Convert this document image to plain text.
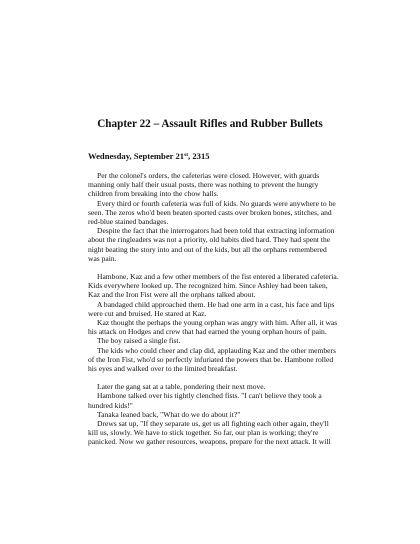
Chapter 22 – Assault Rifles and Rubber Bullets

Wednesday, September 21st, 2315

Per the colonel's orders, the cafeterias were closed. However, with guards manning only half their usual posts, there was nothing to prevent the hungry children from breaking into the chow halls.

Every third or fourth cafeteria was full of kids. No guards were anywhere to be seen. The zeros who'd been beaten sported casts over broken bones, stitches, and red-blue stained bandages.

Despite the fact that the interrogators had been told that extracting information about the ringleaders was not a priority, old habits died hard. They had spent the night beating the story into and out of the kids, but all the orphans remembered was pain.

Hambone, Kaz and a few other members of the fist entered a liberated cafeteria. Kids everywhere looked up. The recognized him. Since Ashley had been taken, Kaz and the Iron Fist were all the orphans talked about.

A bandaged child approached them. He had one arm in a cast, his face and lips were cut and bruised. He stared at Kaz.

Kaz thought the perhaps the young orphan was angry with him. After all, it was his attack on Hodges and crew that had earned the young orphan hours of pain.

The boy raised a single fist.

The kids who could cheer and clap did, applauding Kaz and the other members of the Iron Fist, who'd so perfectly infuriated the powers that be. Hambone rolled his eyes and walked over to the limited breakfast.

Later the gang sat at a table, pondering their next move.

Hambone talked over his tightly clenched fists. "I can't believe they took a hundred kids!"

Tanaka leaned back, "What do we do about it?"

Drews sat up, "If they separate us, get us all fighting each other again, they'll kill us, slowly. We have to stick together. So far, our plan is working; they're panicked. Now we gather resources, weapons, prepare for the next attack. It will
